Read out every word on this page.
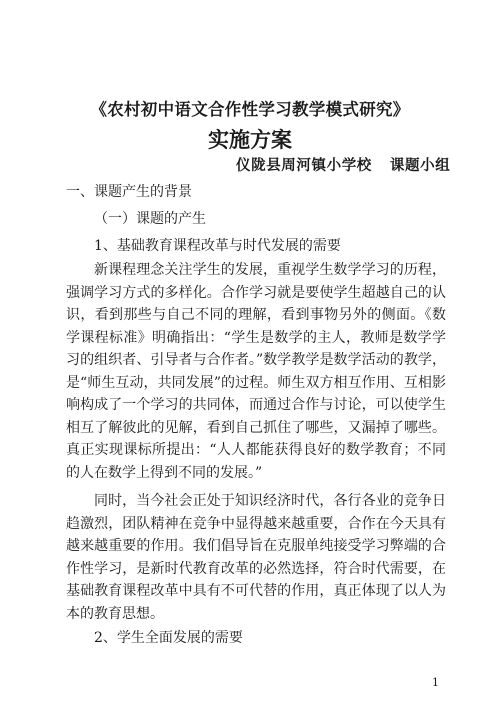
《农村初中语文合作性学习教学模式研究》
实施方案
仪陇县周河镇小学校 课题小组
一、课题产生的背景
（一）课题的产生
1、基础教育课程改革与时代发展的需要
新课程理念关注学生的发展，重视学生数学学习的历程，强调学习方式的多样化。合作学习就是要使学生超越自己的认识，看到那些与自己不同的理解，看到事物另外的侧面。《数学课程标准》明确指出：“学生是数学的主人，教师是数学学习的组织者、引导者与合作者。”数学教学是数学活动的教学，是“师生互动，共同发展”的过程。师生双方相互作用、互相影响构成了一个学习的共同体，而通过合作与讨论，可以使学生相互了解彼此的见解，看到自己抓住了哪些，又漏掉了哪些。真正实现课标所提出：“人人都能获得良好的数学教育；不同的人在数学上得到不同的发展。”
同时，当今社会正处于知识经济时代，各行各业的竞争日趋激烈，团队精神在竞争中显得越来越重要，合作在今天具有越来越重要的作用。我们倡导旨在克服单纯接受学习弊端的合作性学习，是新时代教育改革的必然选择，符合时代需要，在基础教育课程改革中具有不可代替的作用，真正体现了以人为本的教育思想。
2、学生全面发展的需要
1
